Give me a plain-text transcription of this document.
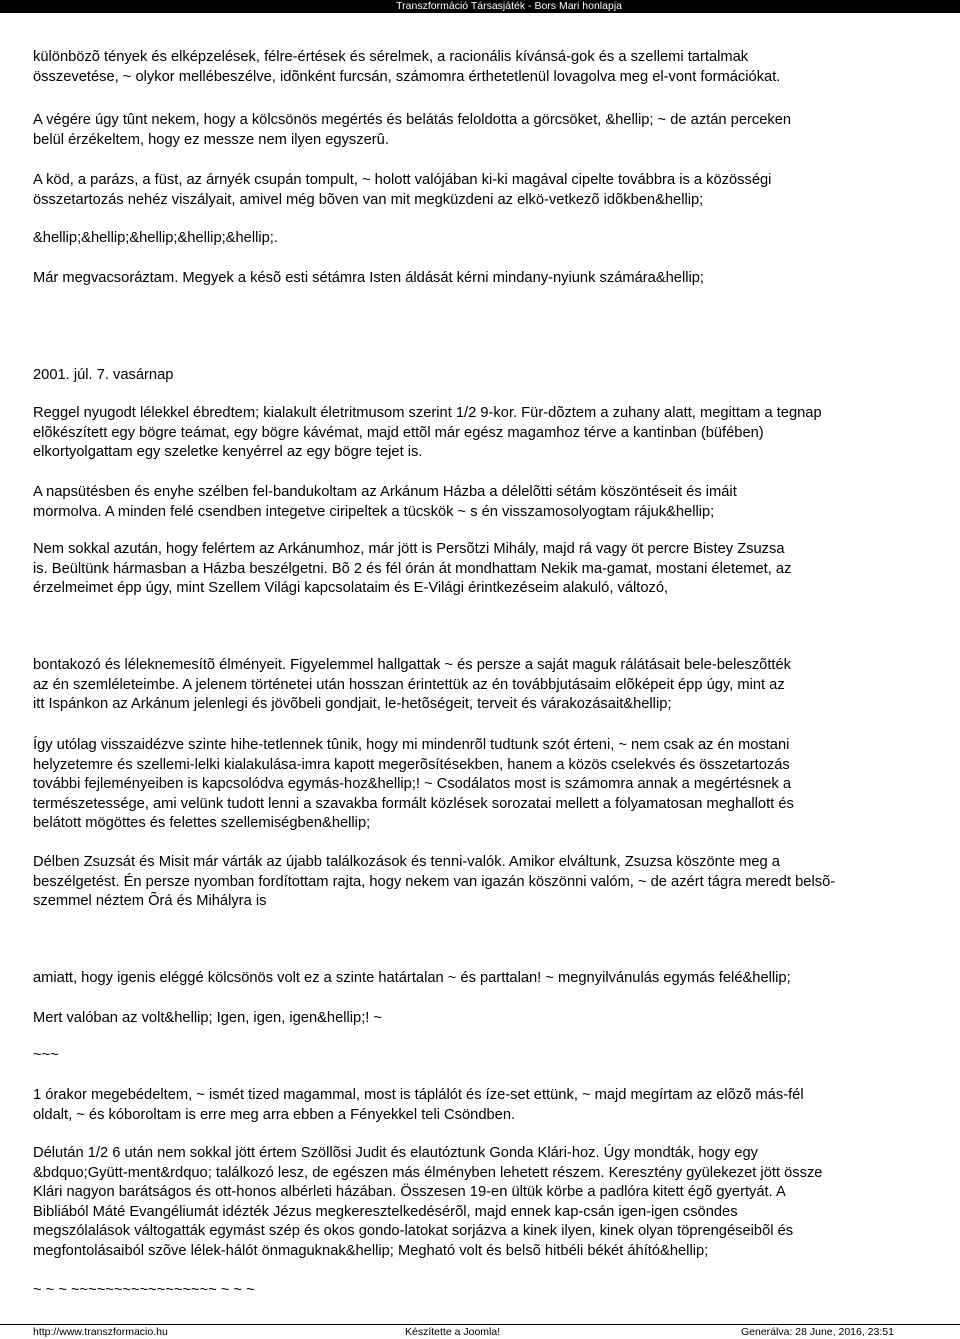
Transzformáció Társasjáték - Bors Mari honlapja
különbözõ tények és elképzelések, félre-értések és sérelmek, a racionális kívánsá-gok és a szellemi tartalmak
összevetése, ~ olykor mellébeszélve, idõnként furcsán, számomra érthetetlenül lovagolva meg el-vont formációkat.
A végére úgy tûnt nekem, hogy a kölcsönös megértés és belátás feloldotta a görcsöket, &hellip; ~ de aztán perceken
belül érzékeltem, hogy ez messze nem ilyen egyszerû.
A köd, a parázs, a füst, az árnyék csupán tompult, ~ holott valójában ki-ki magával cipelte továbbra is a közösségi
összetartozás nehéz viszályait, amivel még bõven van mit megküzdeni az elkö-vetkezõ idõkben&hellip;
&hellip;&hellip;&hellip;&hellip;&hellip;.
Már megvacsoráztam. Megyek a késõ esti sétámra Isten áldását kérni mindany-nyiunk számára&hellip;
2001. júl. 7. vasárnap
Reggel nyugodt lélekkel ébredtem; kialakult életritmusom szerint 1/2 9-kor. Für-dõztem a zuhany alatt, megittam a tegnap
elõkészített egy bögre teámat, egy bögre kávémat, majd ettõl már egész magamhoz térve a kantinban (büfében)
elkortyolgattam egy szeletke kenyérrel az egy bögre tejet is.
A napsütésben és enyhe szélben fel-bandukoltam az Arkánum Házba a délelõtti sétám köszöntéseit és imáit
mormolva. A minden felé csendben integetve ciripeltek a tücskök ~ s én visszamosolyogtam rájuk&hellip;
Nem sokkal azután, hogy felértem az Arkánumhoz, már jött is Persõtzi Mihály, majd rá vagy öt percre Bistey Zsuzsa
is. Beültünk hármasban a Házba beszélgetni. Bõ 2 és fél órán át mondhattam Nekik ma-gamat, mostani életemet, az
érzelmeimet épp úgy, mint Szellem Világi kapcsolataim és E-Világi érintkezéseim alakuló, változó,
bontakozó és léleknemesítõ élményeit. Figyelemmel hallgattak ~ és persze a saját maguk rálátásait bele-beleszõtték
az én szemléleteimbe. A jelenem történetei után hosszan érintettük az én továbbjutásaim elõképeit épp úgy, mint az
itt Ispánkon az Arkánum jelenlegi és jövõbeli gondjait, le-hetõségeit, terveit és várakozásait&hellip;
Így utólag visszaidézve szinte hihe-tetlennek tûnik, hogy mi mindenrõl tudtunk szót érteni, ~ nem csak az én mostani
helyzetemre és szellemi-lelki kialakulása-imra kapott megerõsítésekben, hanem a közös cselekvés és összetartozás
további fejleményeiben is kapcsolódva egymás-hoz&hellip;! ~ Csodálatos most is számomra annak a megértésnek a
természetessége, ami velünk tudott lenni a szavakba formált közlések sorozatai mellett a folyamatosan meghallott és
belátott mögöttes és felettes szellemiségben&hellip;
Délben Zsuzsát és Misit már várták az újabb találkozások és tenni-valók. Amikor elváltunk, Zsuzsa köszönte meg a
beszélgetést. Én persze nyomban fordítottam rajta, hogy nekem van igazán köszönni valóm, ~ de azért tágra meredt belsõ-
szemmel néztem Õrá és Mihályra is
amiatt, hogy igenis eléggé kölcsönös volt ez a szinte határtalan ~ és parttalan! ~ megnyilvánulás egymás felé&hellip;
Mert valóban az volt&hellip; Igen, igen, igen&hellip;! ~
~~~
1 órakor megebédeltem, ~ ismét tized magammal, most is táplálót és íze-set ettünk, ~ majd megírtam az elõzõ más-fél
oldalt, ~ és kóboroltam is erre meg arra ebben a Fényekkel teli Csöndben.
Délután 1/2 6 után nem sokkal jött értem Szöllõsi Judit és elautóztunk Gonda Klári-hoz. Úgy mondták, hogy egy
&bdquo;Gyütt-ment&rdquo; találkozó lesz, de egészen más élményben lehetett részem. Keresztény gyülekezet jött össze
Klári nagyon barátságos és ott-honos albérleti házában. Összesen 19-en ültük körbe a padlóra kitett égõ gyertyát. A
Bibliából Máté Evangéliumát idézték Jézus megkeresztelkedésérõl, majd ennek kap-csán igen-igen csöndes
megszólalások váltogatták egymást szép és okos gondo-latokat sorjázva a kinek ilyen, kinek olyan töprengéseibõl és
megfontolásaiból szõve lélek-hálót önmaguknak&hellip; Megható volt és belsõ hitbéli békét áhító&hellip;
~ ~ ~ ~~~~~~~~~~~~~~~~~ ~ ~ ~
http://www.transzformacio.hu	Készítette a Joomla!	Generálva: 28 June, 2016, 23:51
